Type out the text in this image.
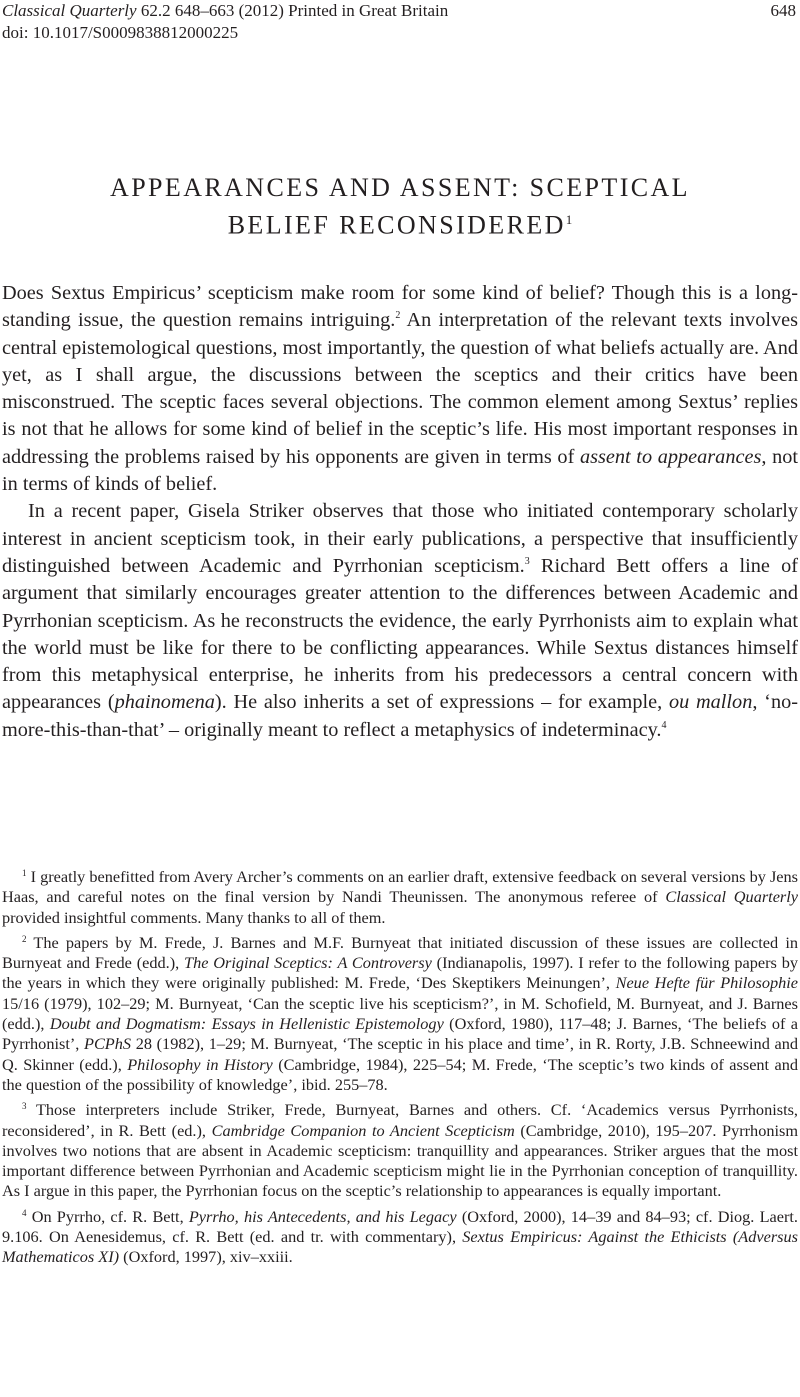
Classical Quarterly 62.2 648–663 (2012) Printed in Great Britain	648
doi: 10.1017/S0009838812000225
APPEARANCES AND ASSENT: SCEPTICAL
BELIEF RECONSIDERED$^1$

Does Sextus Empiricus’ scepticism make room for some kind of belief? Though this is a long-standing issue, the question remains intriguing.$^2$ An interpretation of the relevant texts involves central epistemological questions, most importantly, the question of what beliefs actually are. And yet, as I shall argue, the discussions between the sceptics and their critics have been misconstrued. The sceptic faces several objections. The common element among Sextus’ replies is not that he allows for some kind of belief in the sceptic’s life. His most important responses in addressing the problems raised by his opponents are given in terms of assent to appearances, not in terms of kinds of belief.

In a recent paper, Gisela Striker observes that those who initiated contemporary scholarly interest in ancient scepticism took, in their early publications, a perspective that insufficiently distinguished between Academic and Pyrrhonian scepticism.$^3$ Richard Bett offers a line of argument that similarly encourages greater attention to the differences between Academic and Pyrrhonian scepticism. As he reconstructs the evidence, the early Pyrrhonists aim to explain what the world must be like for there to be conflicting appearances. While Sextus distances himself from this metaphysical enterprise, he inherits from his predecessors a central concern with appearances (phainomena). He also inherits a set of expressions – for example, ou mallon, ‘no-more-this-than-that’ – originally meant to reflect a metaphysics of indeterminacy.$^4$

$^1$ I greatly benefitted from Avery Archer’s comments on an earlier draft, extensive feedback on several versions by Jens Haas, and careful notes on the final version by Nandi Theunissen. The anonymous referee of Classical Quarterly provided insightful comments. Many thanks to all of them.

$^2$ The papers by M. Frede, J. Barnes and M.F. Burnyeat that initiated discussion of these issues are collected in Burnyeat and Frede (edd.), The Original Sceptics: A Controversy (Indianapolis, 1997). I refer to the following papers by the years in which they were originally published: M. Frede, ‘Des Skeptikers Meinungen’, Neue Hefte für Philosophie 15/16 (1979), 102–29; M. Burnyeat, ‘Can the sceptic live his scepticism?’, in M. Schofield, M. Burnyeat, and J. Barnes (edd.), Doubt and Dogmatism: Essays in Hellenistic Epistemology (Oxford, 1980), 117–48; J. Barnes, ‘The beliefs of a Pyrrhonist’, PCPhS 28 (1982), 1–29; M. Burnyeat, ‘The sceptic in his place and time’, in R. Rorty, J.B. Schneewind and Q. Skinner (edd.), Philosophy in History (Cambridge, 1984), 225–54; M. Frede, ‘The sceptic’s two kinds of assent and the question of the possibility of knowledge’, ibid. 255–78.

$^3$ Those interpreters include Striker, Frede, Burnyeat, Barnes and others. Cf. ‘Academics versus Pyrrhonists, reconsidered’, in R. Bett (ed.), Cambridge Companion to Ancient Scepticism (Cambridge, 2010), 195–207. Pyrrhonism involves two notions that are absent in Academic scepticism: tranquillity and appearances. Striker argues that the most important difference between Pyrrhonian and Academic scepticism might lie in the Pyrrhonian conception of tranquillity. As I argue in this paper, the Pyrrhonian focus on the sceptic’s relationship to appearances is equally important.

$^4$ On Pyrrho, cf. R. Bett, Pyrrho, his Antecedents, and his Legacy (Oxford, 2000), 14–39 and 84–93; cf. Diog. Laert. 9.106. On Aenesidemus, cf. R. Bett (ed. and tr. with commentary), Sextus Empiricus: Against the Ethicists (Adversus Mathematicos XI) (Oxford, 1997), xiv–xxiii.
